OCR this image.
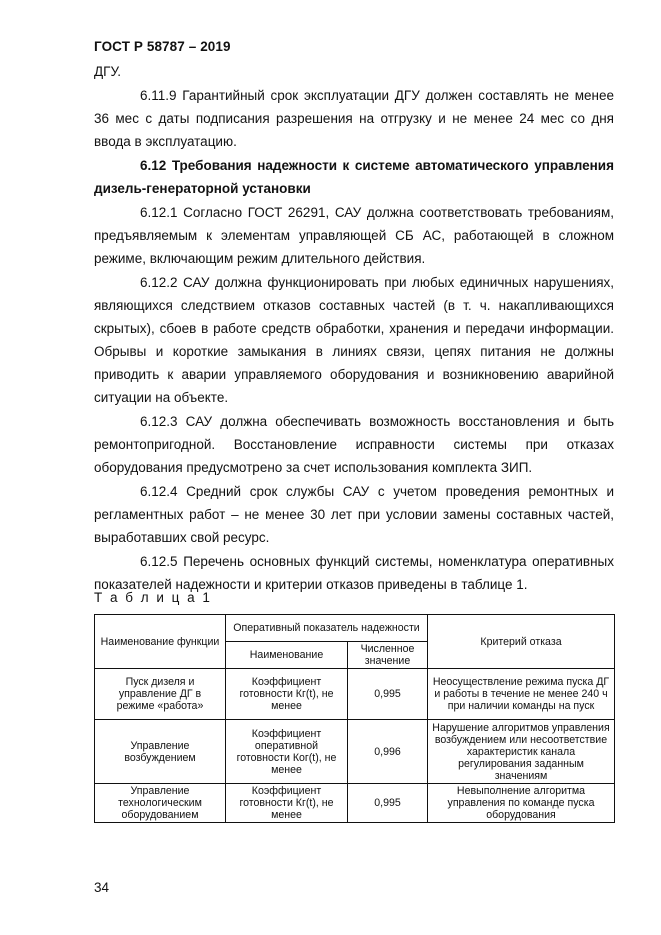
ГОСТ Р 58787 – 2019

ДГУ.

6.11.9 Гарантийный срок эксплуатации ДГУ должен составлять не менее 36 мес с даты подписания разрешения на отгрузку и не менее 24 мес со дня ввода в эксплуатацию.

6.12 Требования надежности к системе автоматического управления дизель-генераторной установки

6.12.1 Согласно ГОСТ 26291, САУ должна соответствовать требованиям, предъявляемым к элементам управляющей СБ АС, работающей в сложном режиме, включающим режим длительного действия.

6.12.2 САУ должна функционировать при любых единичных нарушениях, являющихся следствием отказов составных частей (в т. ч. накапливающихся скрытых), сбоев в работе средств обработки, хранения и передачи информации. Обрывы и короткие замыкания в линиях связи, цепях питания не должны приводить к аварии управляемого оборудования и возникновению аварийной ситуации на объекте.

6.12.3 САУ должна обеспечивать возможность восстановления и быть ремонтопригодной. Восстановление исправности системы при отказах оборудования предусмотрено за счет использования комплекта ЗИП.

6.12.4 Средний срок службы САУ с учетом проведения ремонтных и регламентных работ – не менее 30 лет при условии замены составных частей, выработавших свой ресурс.

6.12.5 Перечень основных функций системы, номенклатура оперативных показателей надежности и критерии отказов приведены в таблице 1.

Т а б л и ц а 1
Наименование функции	Оперативный показатель надежности		Критерий отказа
	Наименование	Численное значение	
Пуск дизеля и управление ДГ в режиме «работа»	Коэффициент готовности Кг(t), не менее	0,995	Неосуществление режима пуска ДГ и работы в течение не менее 240 ч при наличии команды на пуск
Управление возбуждением	Коэффициент оперативной готовности Ког(t), не менее	0,996	Нарушение алгоритмов управления возбуждением или несоответствие характеристик канала регулирования заданным значениям
Управление технологическим оборудованием	Коэффициент готовности Кг(t), не менее	0,995	Невыполнение алгоритма управления по команде пуска оборудования
34
